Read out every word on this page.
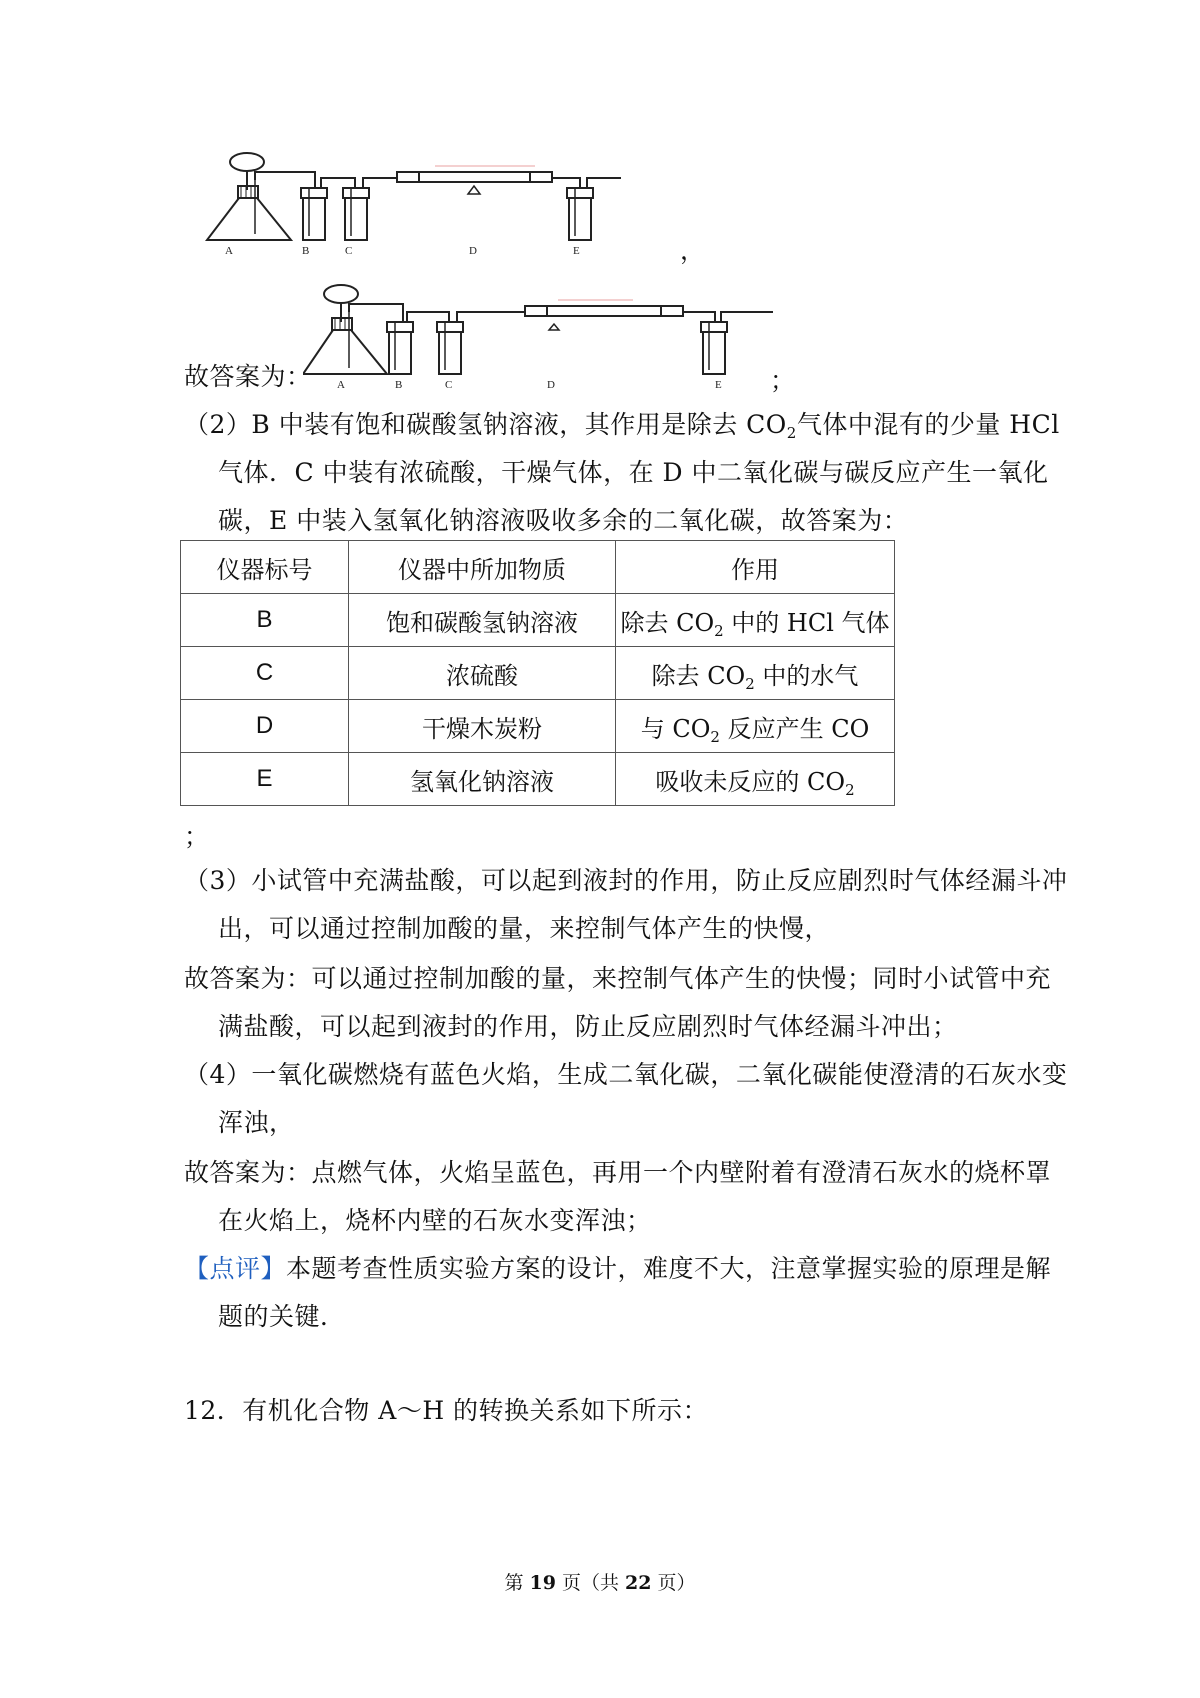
A	B	C	D	E	，
故答案为： A	B	C	D	E ；
（2）B 中装有饱和碳酸氢钠溶液，其作用是除去 $CO_2$气体中混有的少量 HCl
气体．C 中装有浓硫酸，干燥气体，在 D 中二氧化碳与碳反应产生一氧化
碳，E 中装入氢氧化钠溶液吸收多余的二氧化碳，故答案为：
仪器标号	仪器中所加物质	作用
B	饱和碳酸氢钠溶液	除去 $CO_2$ 中的 HCl 气体
C	浓硫酸	除去 $CO_2$ 中的水气
D	干燥木炭粉	与 $CO_2$ 反应产生 CO
E	氢氧化钠溶液	吸收未反应的 $CO_2$
；
（3）小试管中充满盐酸，可以起到液封的作用，防止反应剧烈时气体经漏斗冲
出，可以通过控制加酸的量，来控制气体产生的快慢，
故答案为：可以通过控制加酸的量，来控制气体产生的快慢；同时小试管中充
满盐酸，可以起到液封的作用，防止反应剧烈时气体经漏斗冲出；
（4）一氧化碳燃烧有蓝色火焰，生成二氧化碳，二氧化碳能使澄清的石灰水变
浑浊，
故答案为：点燃气体，火焰呈蓝色，再用一个内壁附着有澄清石灰水的烧杯罩
在火焰上，烧杯内壁的石灰水变浑浊；
【点评】本题考查性质实验方案的设计，难度不大，注意掌握实验的原理是解
题的关键．
12．有机化合物 A～H 的转换关系如下所示：
第 19 页（共 22 页）
